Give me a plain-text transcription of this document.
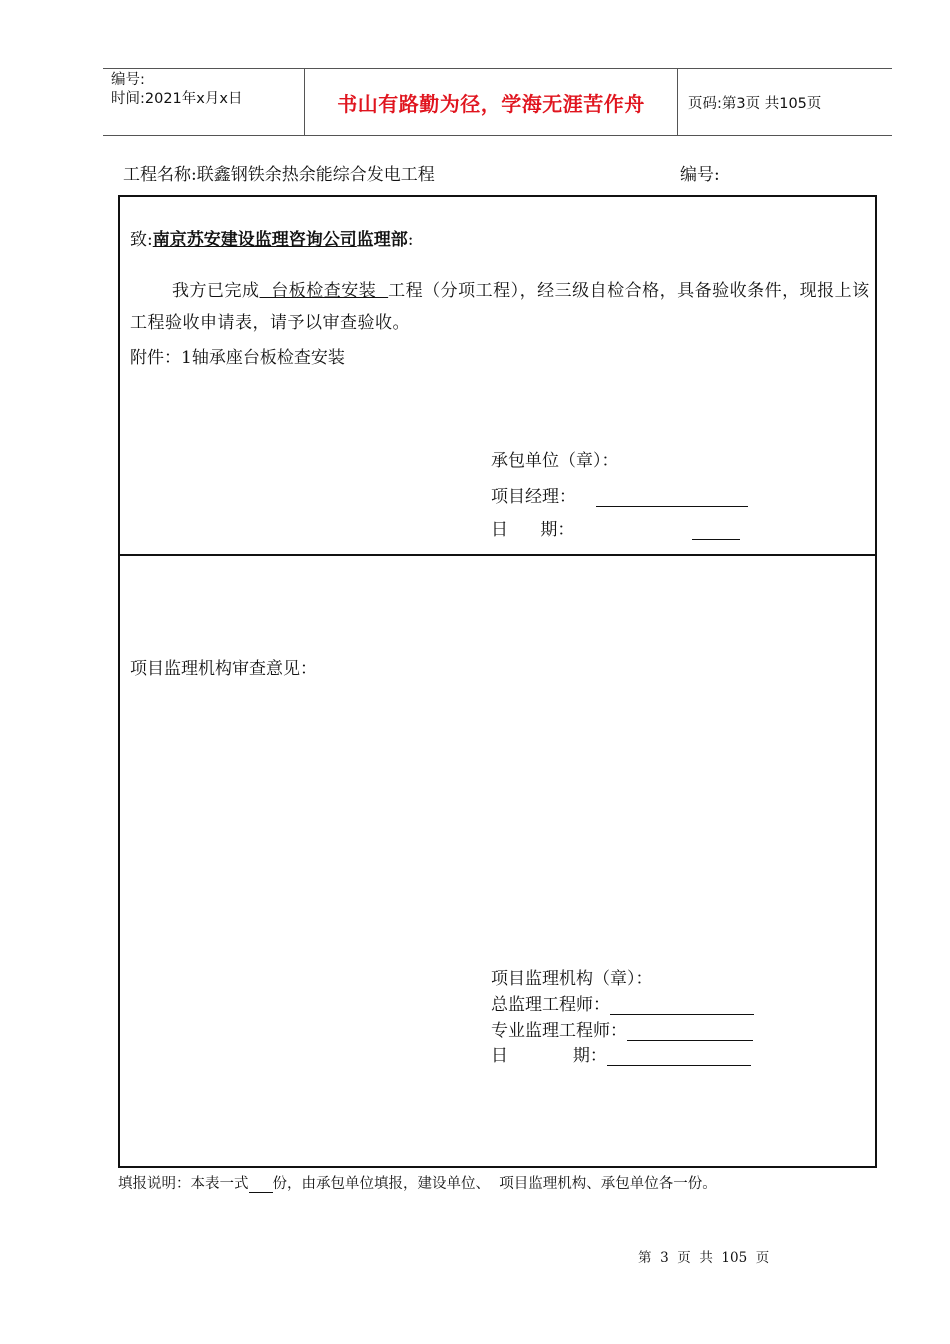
编号:
时间:2021年x月x日	书山有路勤为径，学海无涯苦作舟	页码:第3页 共105页
工程名称:联鑫钢铁余热余能综合发电工程	编号:
致:南京苏安建设监理咨询公司监理部:
我方已完成  台板检查安装  工程（分项工程），经三级自检合格，具备验收条件，现报上该工程验收申请表，请予以审查验收。
附件：1轴承座台板检查安装
承包单位（章）：
项目经理：
日      期：
项目监理机构审查意见：
项目监理机构（章）：
总监理工程师：
专业监理工程师：
日            期：
填报说明：本表一式 份，由承包单位填报，建设单位、  项目监理机构、承包单位各一份。
第  3  页  共  105  页
